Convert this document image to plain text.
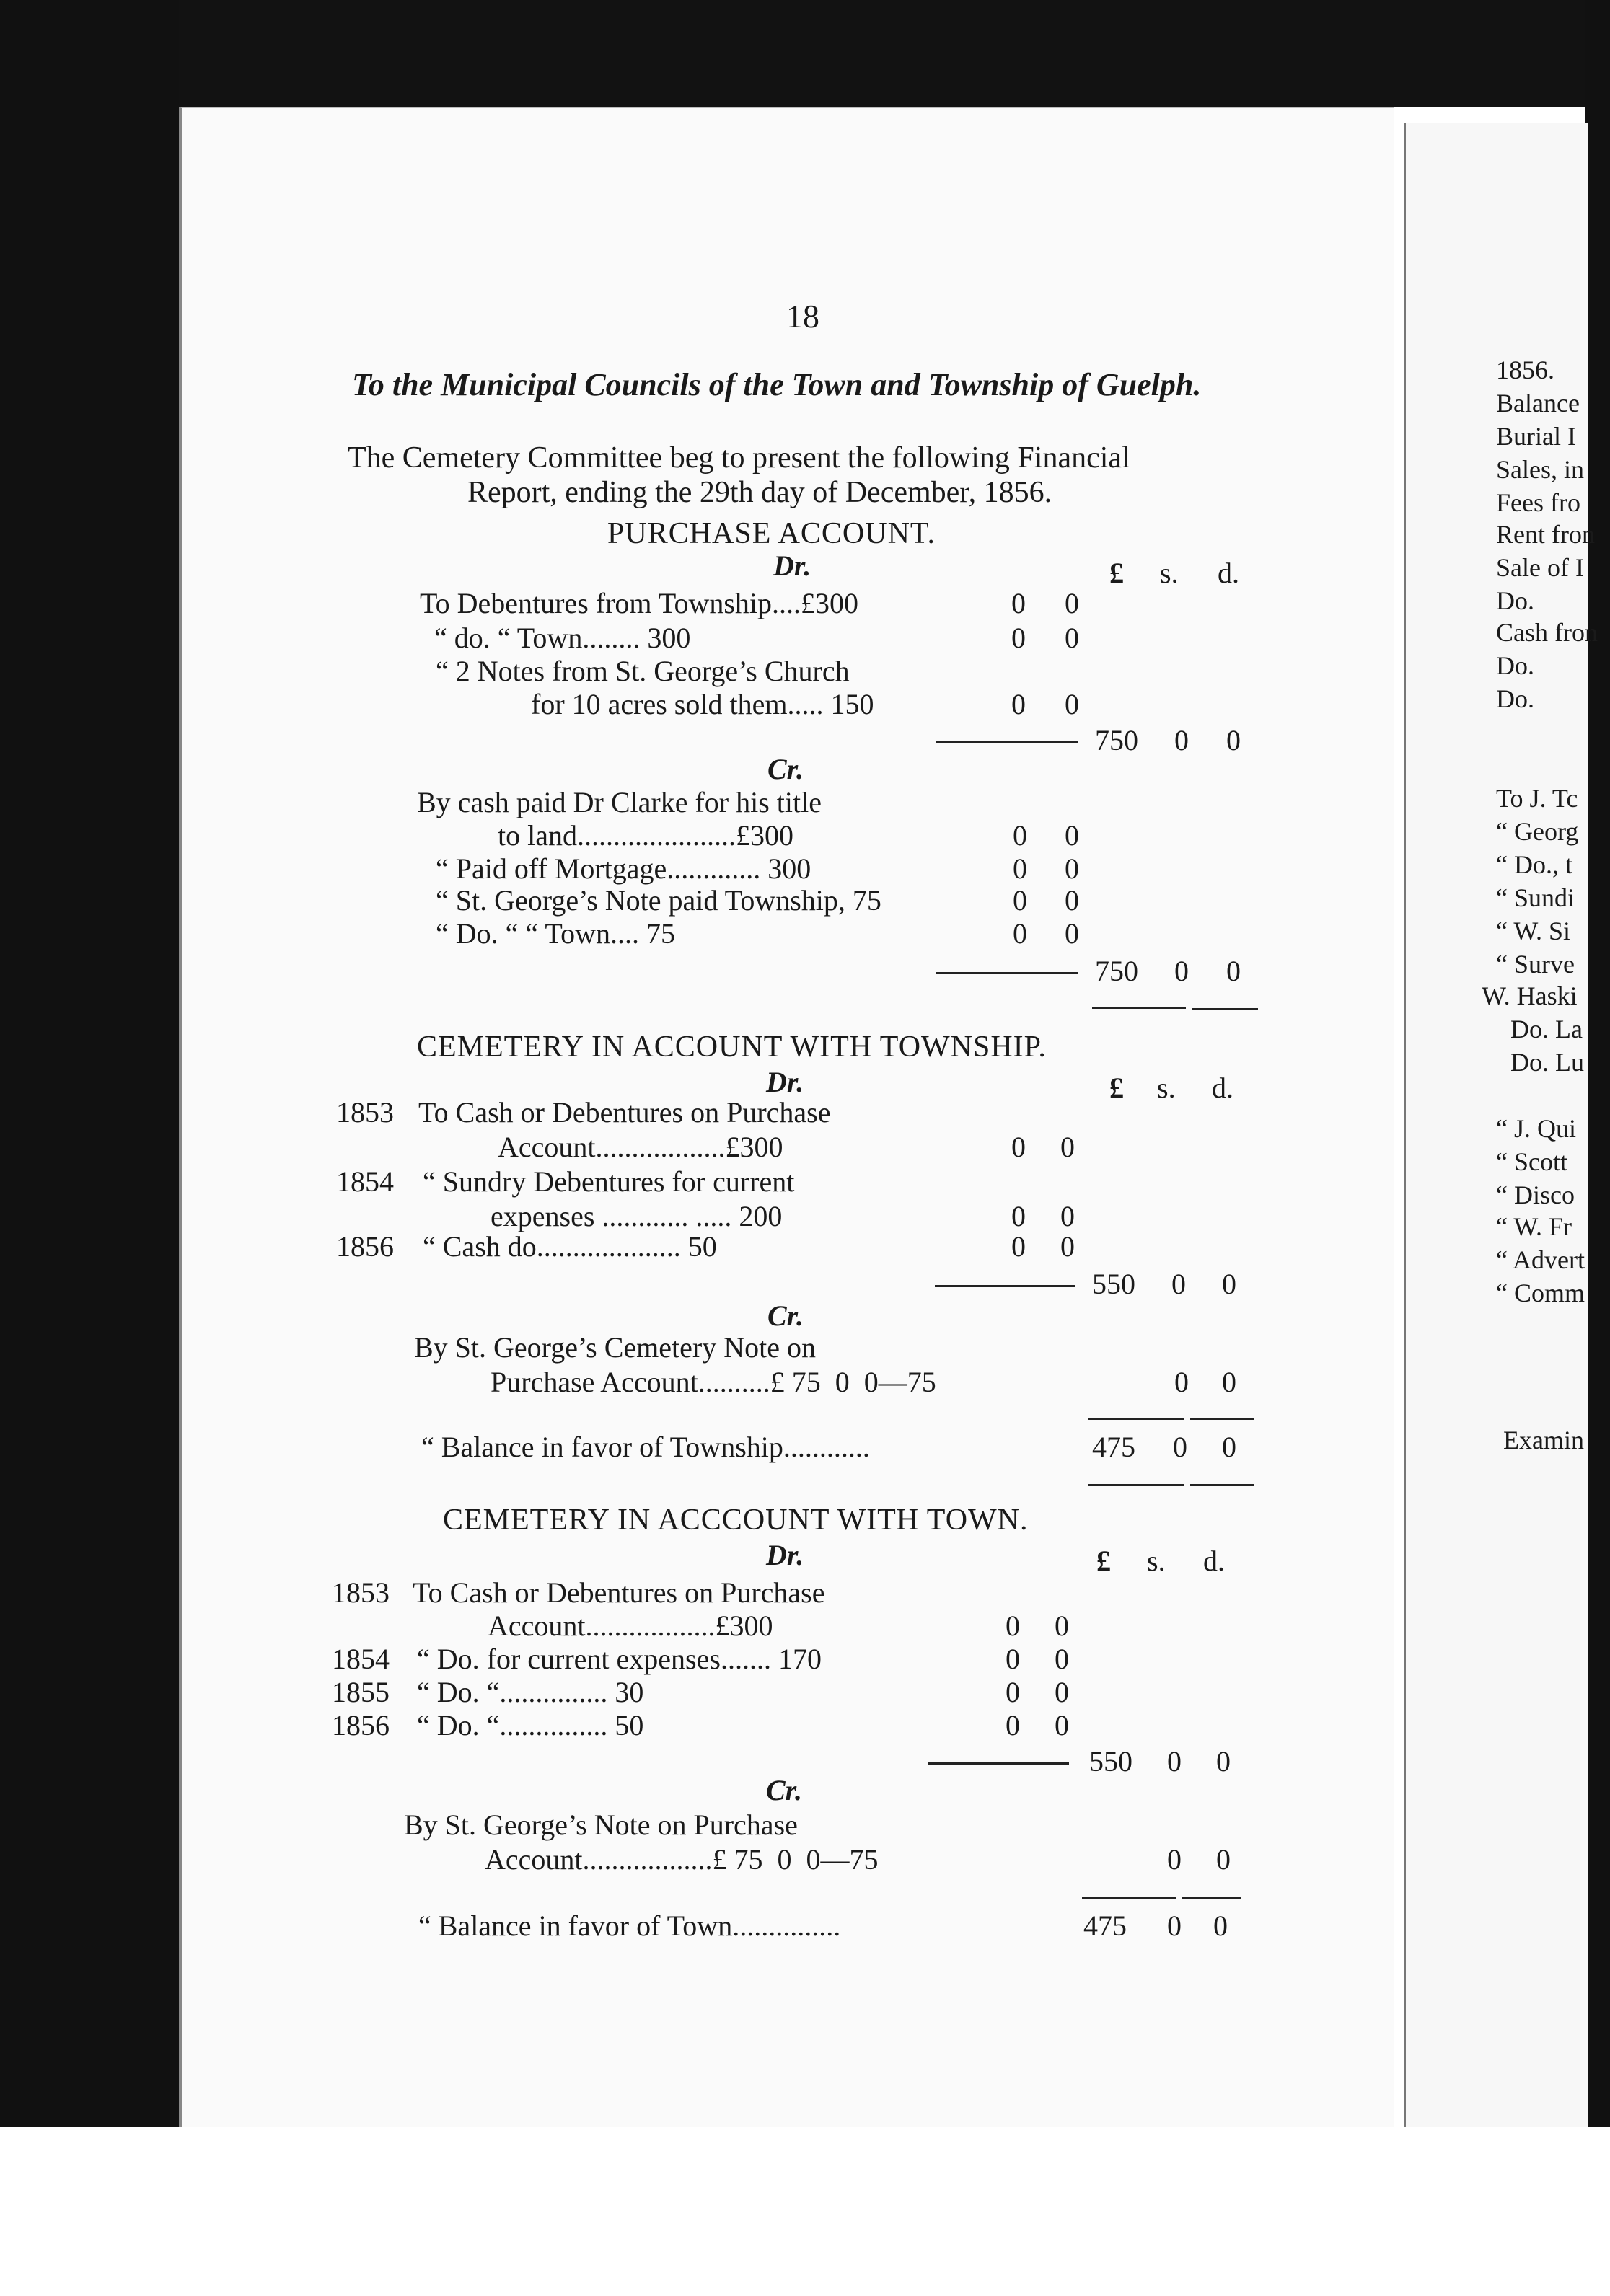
18
To the Municipal Councils of the Town and Township of Guelph.
The Cemetery Committee beg to present the following Financial
Report, ending the 29th day of December, 1856.
PURCHASE ACCOUNT.
Dr.	£ s. d.
To Debentures from Township....£300	0 0
“ do. “ Town........ 300	0 0
“ 2 Notes from St. George’s Church
for 10 acres sold them..... 150	0 0
750 0 0
Cr.
By cash paid Dr Clarke for his title
to land......................£300	0 0
“ Paid off Mortgage............. 300	0 0
“ St. George’s Note paid Township, 75	0 0
“ Do. “ “ Town.... 75	0 0
750 0 0
CEMETERY IN ACCOUNT WITH TOWNSHIP.
Dr.	£ s. d.
1853 To Cash or Debentures on Purchase
Account..................£300	0 0
1854 “ Sundry Debentures for current
expenses ............ ..... 200	0 0
1856 “ Cash do.................... 50	0 0
550 0 0
Cr.
By St. George’s Cemetery Note on
Purchase Account..........£ 75  0  0—75	0 0
“ Balance in favor of Township............	475 0 0
CEMETERY IN ACCCOUNT WITH TOWN.
Dr.	£ s. d.
1853 To Cash or Debentures on Purchase
Account..................£300	0 0
1854 “ Do. for current expenses....... 170	0 0
1855 “ Do. “............... 30	0 0
1856 “ Do. “............... 50	0 0
550 0 0
Cr.
By St. George’s Note on Purchase
Account..................£ 75  0  0—75	0 0
“ Balance in favor of Town...............	475 0 0
1856.
Balance
Burial I
Sales, in
Fees fro
Rent fron
Sale of I
Do.
Cash fron
Do.
Do.
To J. Tc
“ Georg
“ Do., t
“ Sundi
“ W. Si
“ Surve
W. Haski
Do. La
Do. Lu
“ J. Qui
“ Scott
“ Disco
“ W. Fr
“ Advert
“ Comm
Examin
